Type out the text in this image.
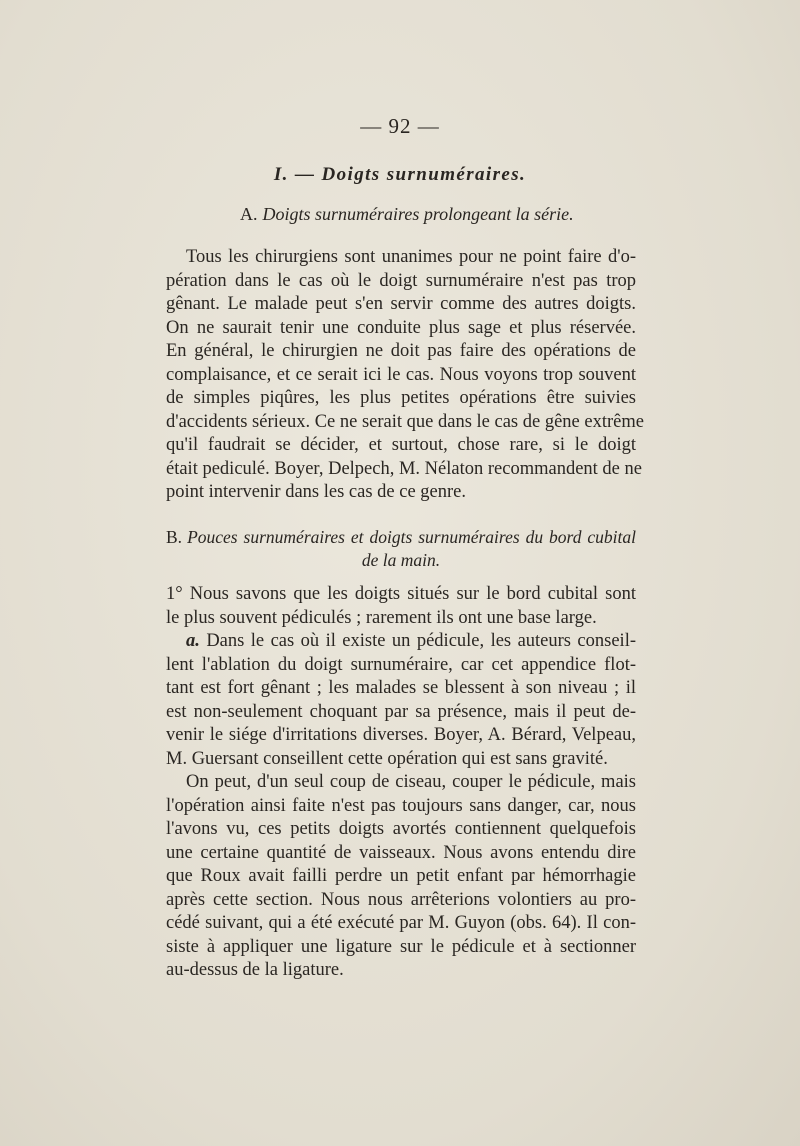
— 92 —
I. — Doigts surnuméraires.
A. Doigts surnuméraires prolongeant la série.
Tous les chirurgiens sont unanimes pour ne point faire d'o-
pération dans le cas où le doigt surnuméraire n'est pas trop
gênant. Le malade peut s'en servir comme des autres doigts.
On ne saurait tenir une conduite plus sage et plus réservée.
En général, le chirurgien ne doit pas faire des opérations de
complaisance, et ce serait ici le cas. Nous voyons trop souvent
de simples piqûres, les plus petites opérations être suivies
d'accidents sérieux. Ce ne serait que dans le cas de gêne extrême
qu'il faudrait se décider, et surtout, chose rare, si le doigt
était pediculé. Boyer, Delpech, M. Nélaton recommandent de ne
point intervenir dans les cas de ce genre.
B. Pouces surnuméraires et doigts surnuméraires du bord cubital
de la main.
1° Nous savons que les doigts situés sur le bord cubital sont
le plus souvent pédiculés ; rarement ils ont une base large.
a. Dans le cas où il existe un pédicule, les auteurs conseil-
lent l'ablation du doigt surnuméraire, car cet appendice flot-
tant est fort gênant ; les malades se blessent à son niveau ; il
est non-seulement choquant par sa présence, mais il peut de-
venir le siége d'irritations diverses. Boyer, A. Bérard, Velpeau,
M. Guersant conseillent cette opération qui est sans gravité.
On peut, d'un seul coup de ciseau, couper le pédicule, mais
l'opération ainsi faite n'est pas toujours sans danger, car, nous
l'avons vu, ces petits doigts avortés contiennent quelquefois
une certaine quantité de vaisseaux. Nous avons entendu dire
que Roux avait failli perdre un petit enfant par hémorrhagie
après cette section. Nous nous arrêterions volontiers au pro-
cédé suivant, qui a été exécuté par M. Guyon (obs. 64). Il con-
siste à appliquer une ligature sur le pédicule et à sectionner
au-dessus de la ligature.
